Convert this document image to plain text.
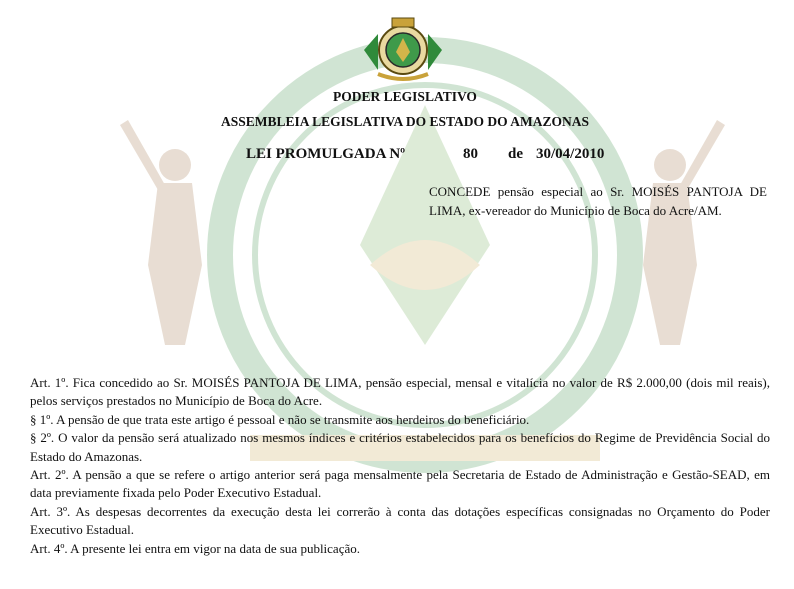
PODER LEGISLATIVO
ASSEMBLEIA LEGISLATIVA DO ESTADO DO AMAZONAS
LEI PROMULGADA Nº	80 de 30/04/2010
CONCEDE pensão especial ao Sr. MOISÉS PANTOJA DE LIMA, ex-vereador do Município de Boca do Acre/AM.

Art. 1º. Fica concedido ao Sr. MOISÉS PANTOJA DE LIMA, pensão especial, mensal e vitalícia no valor de R$ 2.000,00 (dois mil reais), pelos serviços prestados no Município de Boca do Acre.

§ 1º. A pensão de que trata este artigo é pessoal e não se transmite aos herdeiros do beneficiário.

§ 2º. O valor da pensão será atualizado nos mesmos índices e critérios estabelecidos para os benefícios do Regime de Previdência Social do Estado do Amazonas.

Art. 2º. A pensão a que se refere o artigo anterior será paga mensalmente pela Secretaria de Estado de Administração e Gestão-SEAD, em data previamente fixada pelo Poder Executivo Estadual.

Art. 3º. As despesas decorrentes da execução desta lei correrão à conta das dotações específicas consignadas no Orçamento do Poder Executivo Estadual.

Art. 4º. A presente lei entra em vigor na data de sua publicação.
